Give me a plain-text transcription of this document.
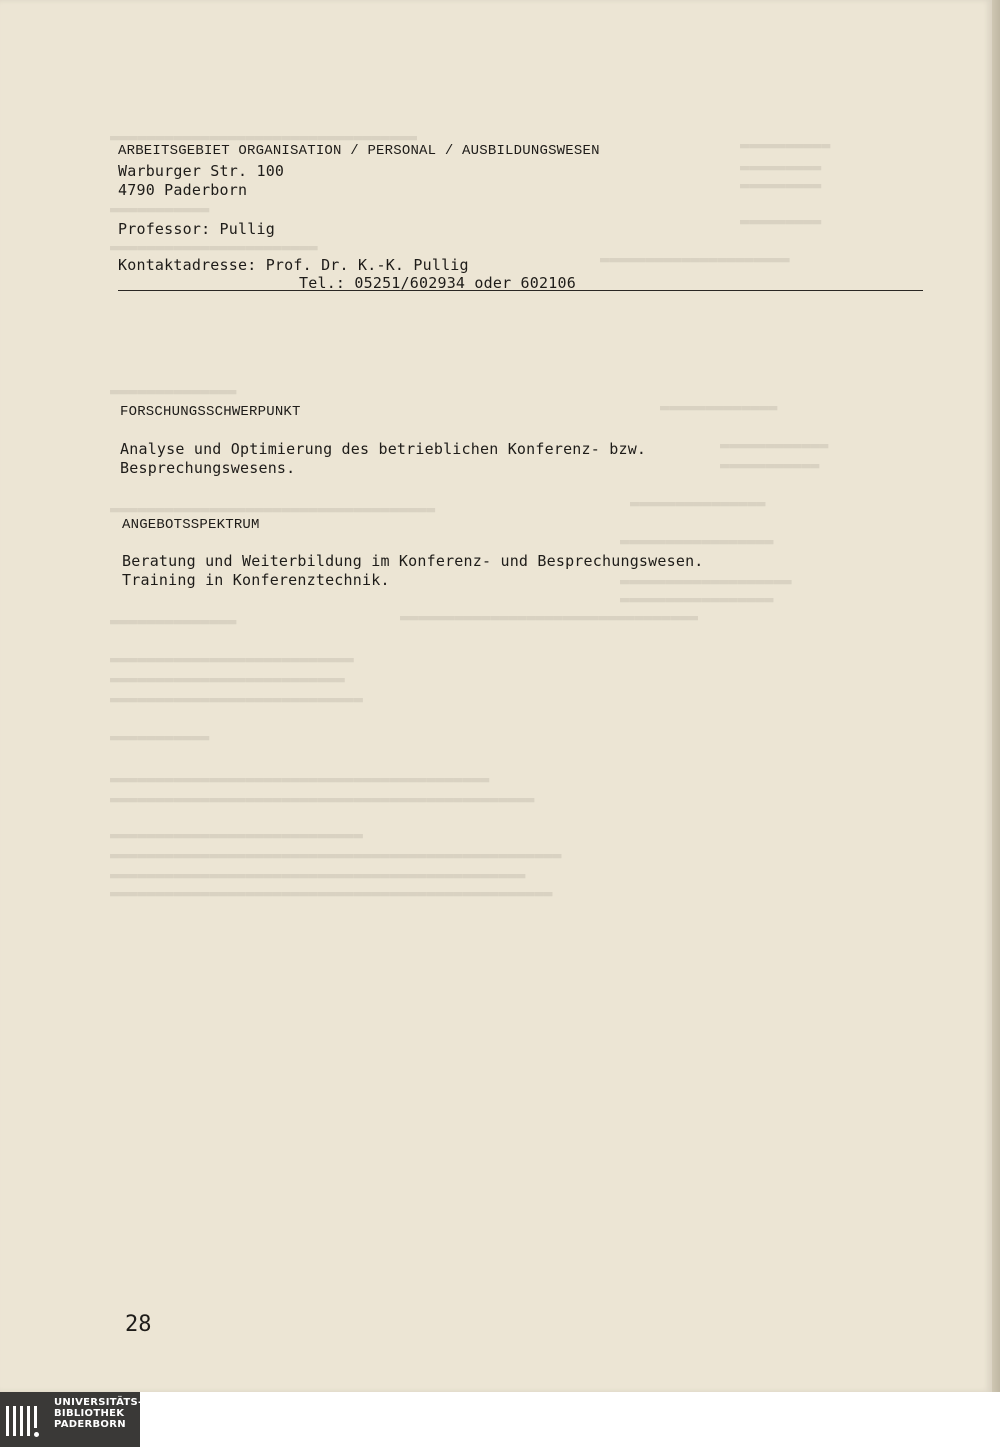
▬▬▬▬▬▬▬▬▬▬▬▬▬▬▬▬▬▬▬▬▬▬▬▬▬▬▬▬▬▬▬▬▬▬
▬▬▬▬▬▬▬▬▬▬▬
▬▬▬▬▬▬▬▬▬▬▬▬▬▬▬▬▬▬▬▬▬▬▬
▬▬▬▬▬▬▬▬▬▬▬▬▬▬
▬▬▬▬▬▬▬▬▬▬▬▬▬▬▬▬▬▬▬▬▬▬▬▬▬▬▬▬▬▬▬▬▬▬▬▬
▬▬▬▬▬▬▬▬▬▬▬▬▬▬
▬▬▬▬▬▬▬▬▬▬▬▬▬▬▬▬▬▬▬▬▬▬▬▬▬▬▬
▬▬▬▬▬▬▬▬▬▬▬▬▬▬▬▬▬▬▬▬▬▬▬▬▬▬
▬▬▬▬▬▬▬▬▬▬▬▬▬▬▬▬▬▬▬▬▬▬▬▬▬▬▬▬
▬▬▬▬▬▬▬▬▬▬▬
▬▬▬▬▬▬▬▬▬▬▬▬▬▬▬▬▬▬▬▬▬▬▬▬▬▬▬▬▬▬▬▬▬▬▬▬▬▬▬▬▬▬
▬▬▬▬▬▬▬▬▬▬▬▬▬▬▬▬▬▬▬▬▬▬▬▬▬▬▬▬▬▬▬▬▬▬▬▬▬▬▬▬▬▬▬▬▬▬▬
▬▬▬▬▬▬▬▬▬▬▬▬▬▬▬▬▬▬▬▬▬▬▬▬▬▬▬▬
▬▬▬▬▬▬▬▬▬▬▬▬▬▬▬▬▬▬▬▬▬▬▬▬▬▬▬▬▬▬▬▬▬▬▬▬▬▬▬▬▬▬▬▬▬▬▬▬▬▬
▬▬▬▬▬▬▬▬▬▬▬▬▬▬▬▬▬▬▬▬▬▬▬▬▬▬▬▬▬▬▬▬▬▬▬▬▬▬▬▬▬▬▬▬▬▬
▬▬▬▬▬▬▬▬▬▬▬▬▬▬▬▬▬▬▬▬▬▬▬▬▬▬▬▬▬▬▬▬▬▬▬▬▬▬▬▬▬▬▬▬▬▬▬▬▬
▬▬▬▬▬▬▬▬▬▬
▬▬▬▬▬▬▬▬▬
▬▬▬▬▬▬▬▬▬
▬▬▬▬▬▬▬▬▬
▬▬▬▬▬▬▬▬▬▬▬▬▬▬▬▬▬▬▬▬▬
▬▬▬▬▬▬▬▬▬▬▬▬▬
▬▬▬▬▬▬▬▬▬▬▬▬
▬▬▬▬▬▬▬▬▬▬▬
▬▬▬▬▬▬▬▬▬▬▬▬▬▬▬
▬▬▬▬▬▬▬▬▬▬▬▬▬▬▬▬▬
▬▬▬▬▬▬▬▬▬▬▬▬▬▬▬▬▬▬▬
▬▬▬▬▬▬▬▬▬▬▬▬▬▬▬▬▬
▬▬▬▬▬▬▬▬▬▬▬▬▬▬▬▬▬▬▬▬▬▬▬▬▬▬▬▬▬▬▬▬▬
ARBEITSGEBIET ORGANISATION / PERSONAL / AUSBILDUNGSWESEN
Warburger Str. 100
4790 Paderborn
Professor: Pullig
Kontaktadresse: Prof. Dr. K.-K. Pullig
Tel.: 05251/602934 oder 602106
FORSCHUNGSSCHWERPUNKT
Analyse und Optimierung des betrieblichen Konferenz- bzw.
Besprechungswesens.
ANGEBOTSSPEKTRUM
Beratung und Weiterbildung im Konferenz- und Besprechungswesen.
Training in Konferenztechnik.
28
UNIVERSITÄTS-
BIBLIOTHEK
PADERBORN
